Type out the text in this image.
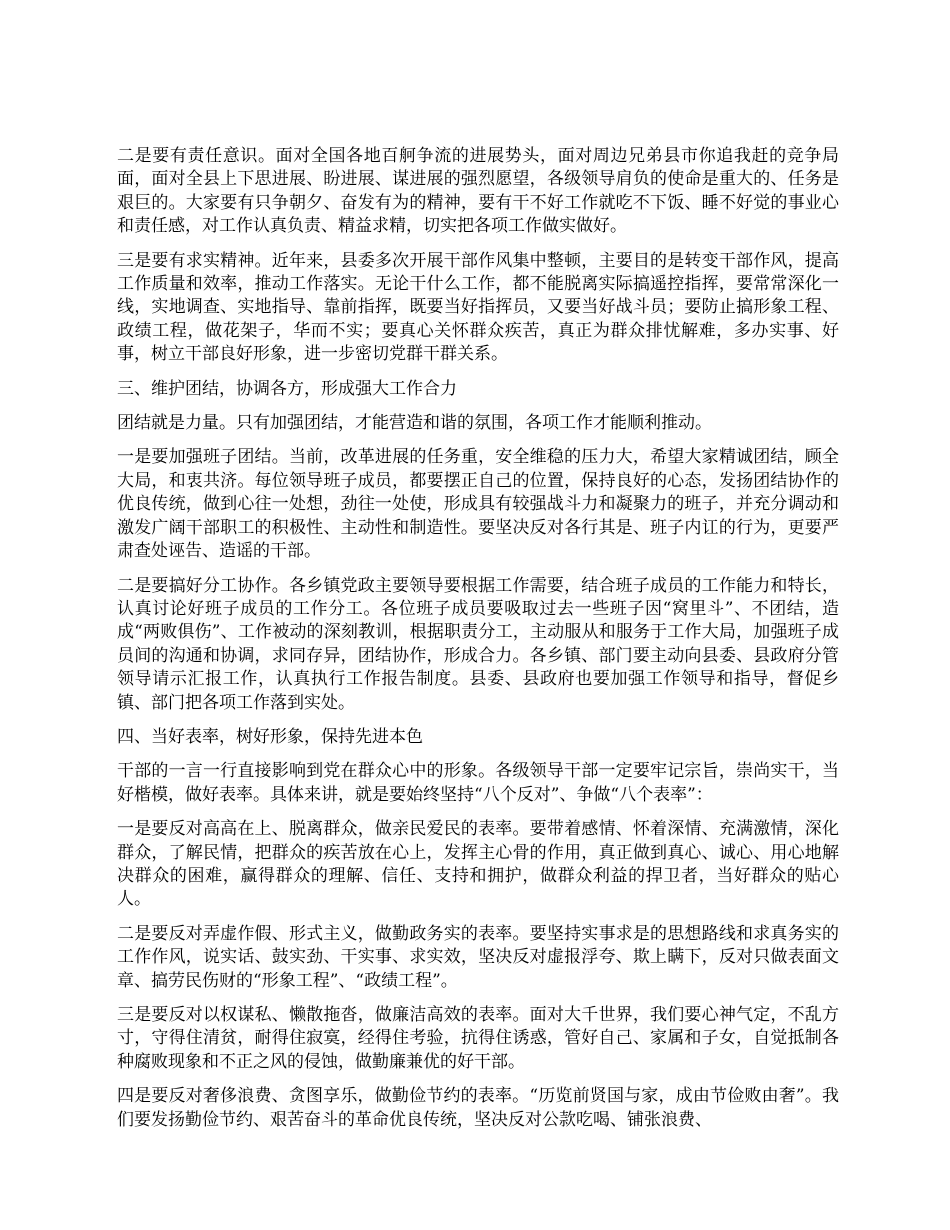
二是要有责任意识。面对全国各地百舸争流的进展势头，面对周边兄弟县市你追我赶的竞争局面，面对全县上下思进展、盼进展、谋进展的强烈愿望，各级领导肩负的使命是重大的、任务是艰巨的。大家要有只争朝夕、奋发有为的精神，要有干不好工作就吃不下饭、睡不好觉的事业心和责任感，对工作认真负责、精益求精，切实把各项工作做实做好。

三是要有求实精神。近年来，县委多次开展干部作风集中整顿，主要目的是转变干部作风，提高工作质量和效率，推动工作落实。无论干什么工作，都不能脱离实际搞遥控指挥，要常常深化一线，实地调查、实地指导、靠前指挥，既要当好指挥员，又要当好战斗员；要防止搞形象工程、政绩工程，做花架子，华而不实；要真心关怀群众疾苦，真正为群众排忧解难，多办实事、好事，树立干部良好形象，进一步密切党群干群关系。

三、维护团结，协调各方，形成强大工作合力

团结就是力量。只有加强团结，才能营造和谐的氛围，各项工作才能顺利推动。

一是要加强班子团结。当前，改革进展的任务重，安全维稳的压力大，希望大家精诚团结，顾全大局，和衷共济。每位领导班子成员，都要摆正自己的位置，保持良好的心态，发扬团结协作的优良传统，做到心往一处想，劲往一处使，形成具有较强战斗力和凝聚力的班子，并充分调动和激发广阔干部职工的积极性、主动性和制造性。要坚决反对各行其是、班子内讧的行为，更要严肃查处诬告、造谣的干部。

二是要搞好分工协作。各乡镇党政主要领导要根据工作需要，结合班子成员的工作能力和特长，认真讨论好班子成员的工作分工。各位班子成员要吸取过去一些班子因“窝里斗”、不团结，造成“两败俱伤”、工作被动的深刻教训，根据职责分工，主动服从和服务于工作大局，加强班子成员间的沟通和协调，求同存异，团结协作，形成合力。各乡镇、部门要主动向县委、县政府分管领导请示汇报工作，认真执行工作报告制度。县委、县政府也要加强工作领导和指导，督促乡镇、部门把各项工作落到实处。

四、当好表率，树好形象，保持先进本色

干部的一言一行直接影响到党在群众心中的形象。各级领导干部一定要牢记宗旨，崇尚实干，当好楷模，做好表率。具体来讲，就是要始终坚持“八个反对”、争做“八个表率”：

一是要反对高高在上、脱离群众，做亲民爱民的表率。要带着感情、怀着深情、充满激情，深化群众，了解民情，把群众的疾苦放在心上，发挥主心骨的作用，真正做到真心、诚心、用心地解决群众的困难，赢得群众的理解、信任、支持和拥护，做群众利益的捍卫者，当好群众的贴心人。

二是要反对弄虚作假、形式主义，做勤政务实的表率。要坚持实事求是的思想路线和求真务实的工作作风，说实话、鼓实劲、干实事、求实效，坚决反对虚报浮夸、欺上瞒下，反对只做表面文章、搞劳民伤财的“形象工程”、“政绩工程”。

三是要反对以权谋私、懒散拖沓，做廉洁高效的表率。面对大千世界，我们要心神气定，不乱方寸，守得住清贫，耐得住寂寞，经得住考验，抗得住诱惑，管好自己、家属和子女，自觉抵制各种腐败现象和不正之风的侵蚀，做勤廉兼优的好干部。

四是要反对奢侈浪费、贪图享乐，做勤俭节约的表率。“历览前贤国与家，成由节俭败由奢”。我们要发扬勤俭节约、艰苦奋斗的革命优良传统，坚决反对公款吃喝、铺张浪费、
